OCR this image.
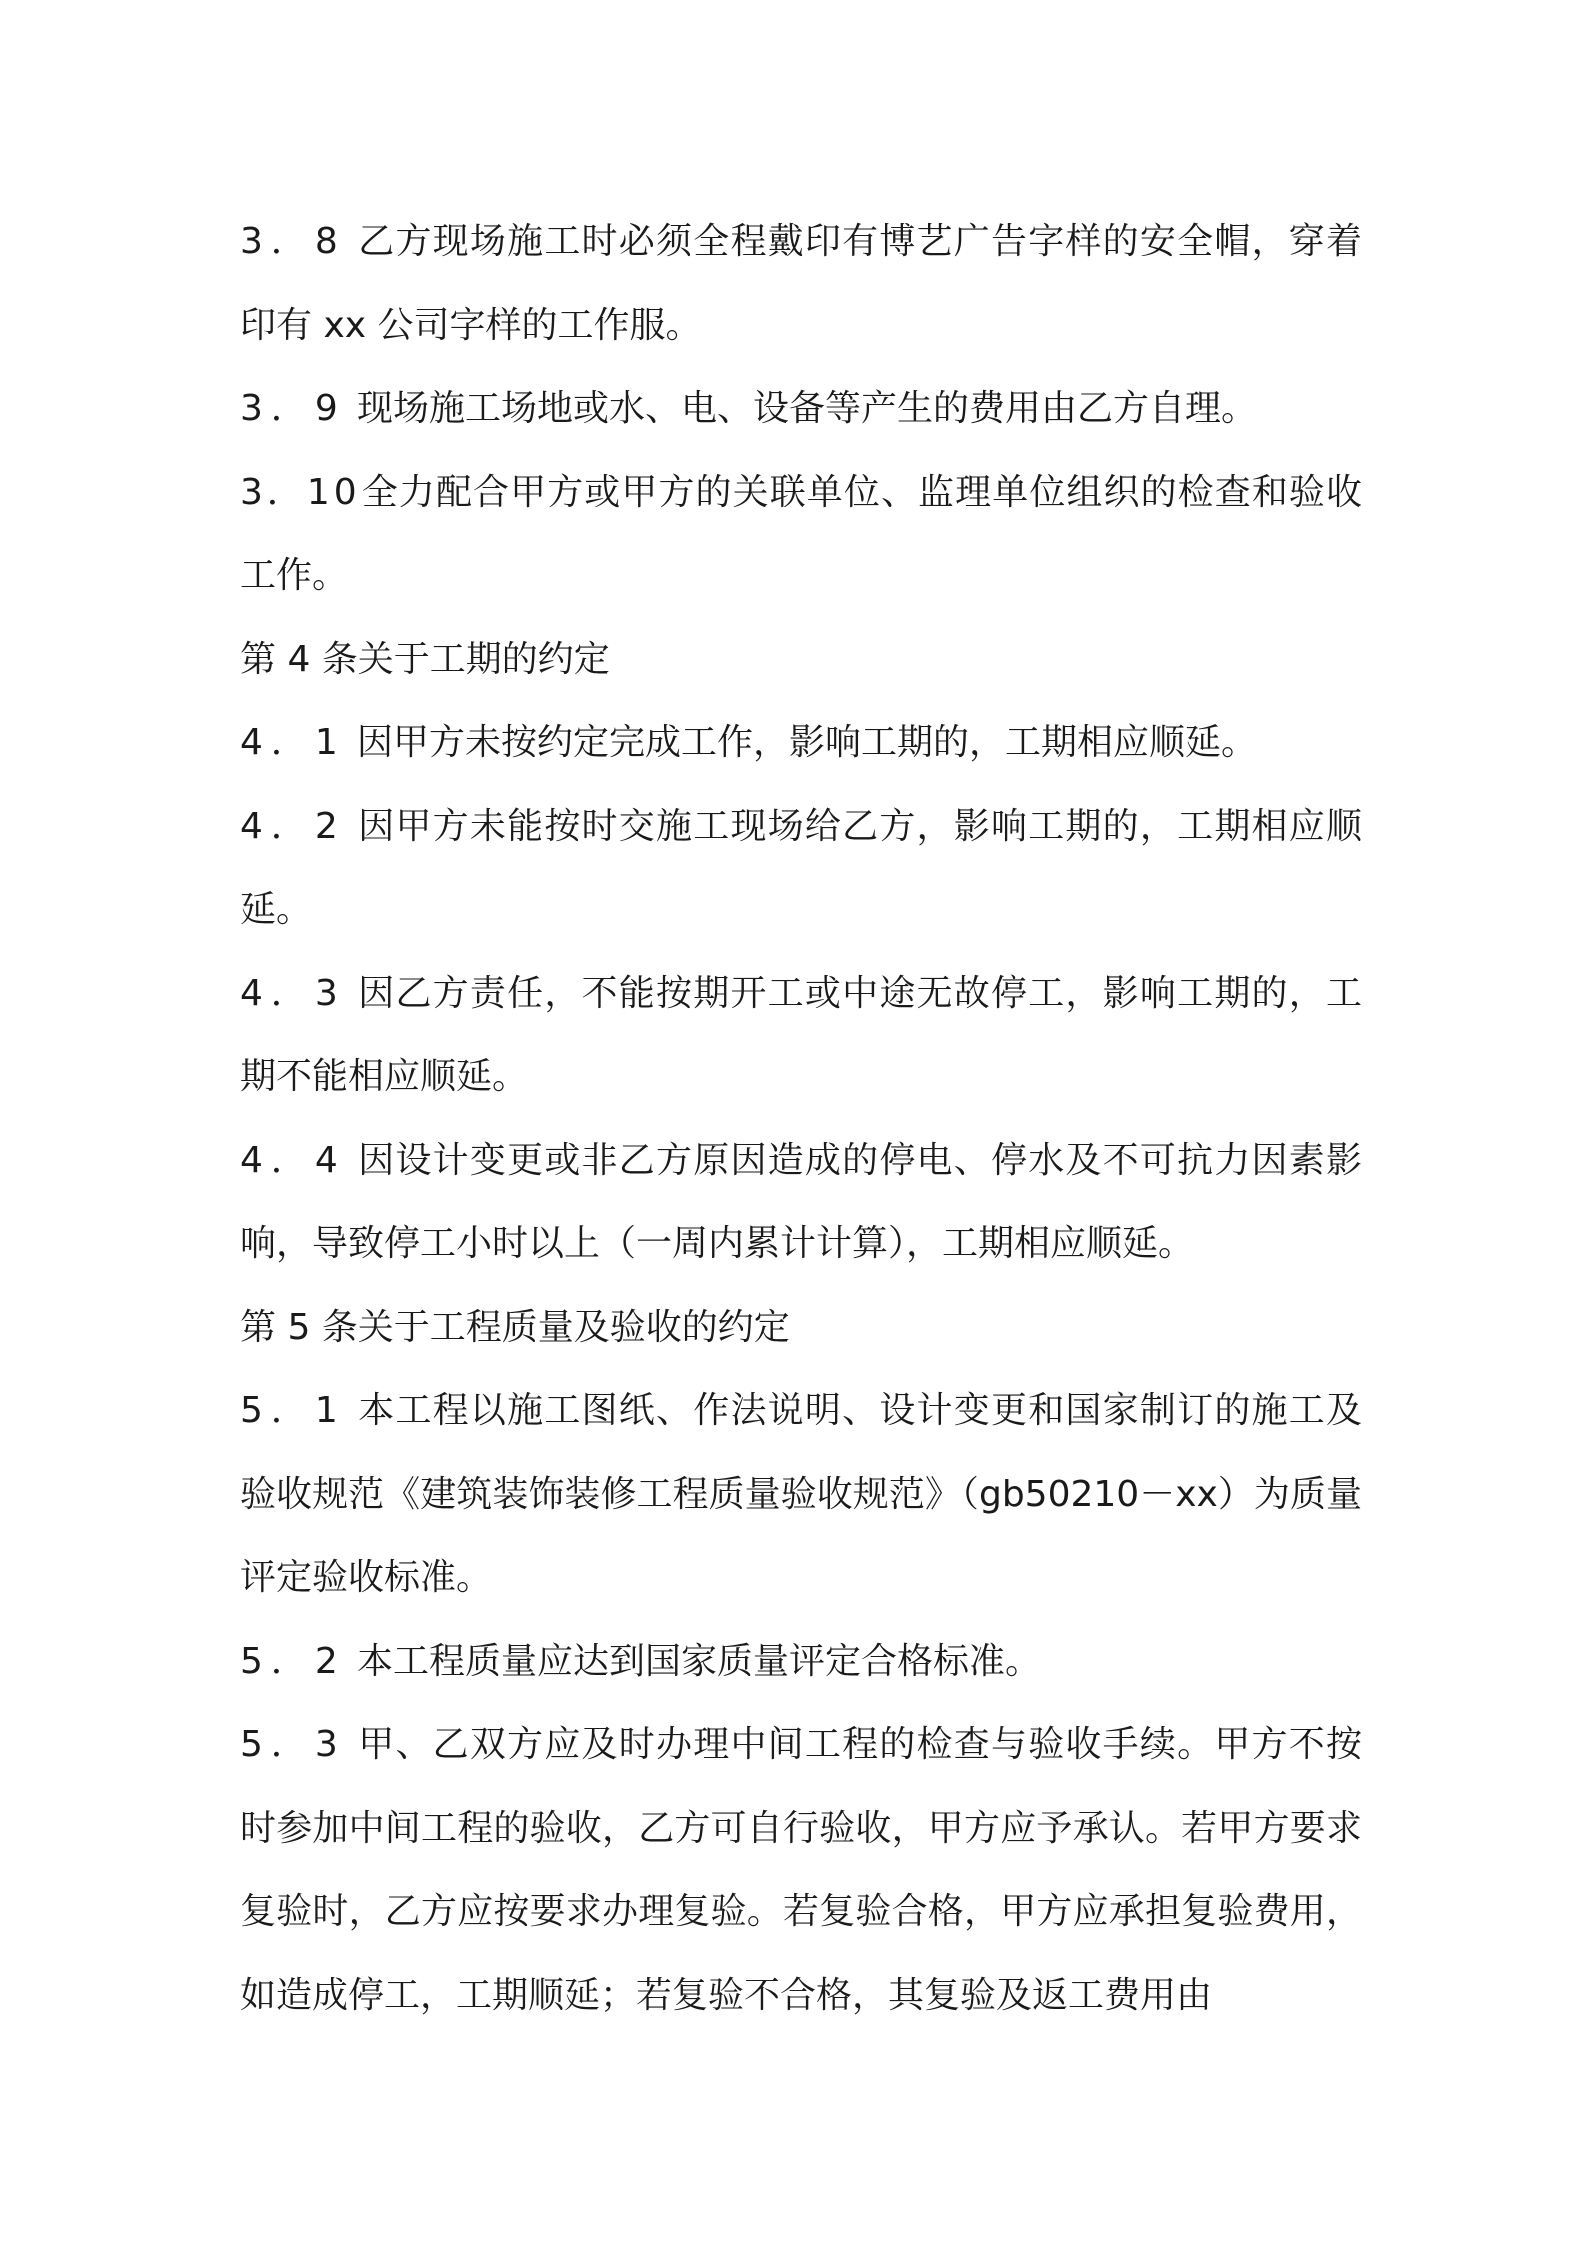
3．8 乙方现场施工时必须全程戴印有博艺广告字样的安全帽，穿着印有 xx 公司字样的工作服。

3．9 现场施工场地或水、电、设备等产生的费用由乙方自理。

3．10全力配合甲方或甲方的关联单位、监理单位组织的检查和验收工作。

第 4 条关于工期的约定

4．1 因甲方未按约定完成工作，影响工期的，工期相应顺延。

4．2 因甲方未能按时交施工现场给乙方，影响工期的，工期相应顺延。

4．3 因乙方责任，不能按期开工或中途无故停工，影响工期的，工期不能相应顺延。

4．4 因设计变更或非乙方原因造成的停电、停水及不可抗力因素影响，导致停工小时以上（一周内累计计算），工期相应顺延。

第 5 条关于工程质量及验收的约定

5．1 本工程以施工图纸、作法说明、设计变更和国家制订的施工及验收规范《建筑装饰装修工程质量验收规范》（gb50210－xx）为质量评定验收标准。

5．2 本工程质量应达到国家质量评定合格标准。

5．3 甲、乙双方应及时办理中间工程的检查与验收手续。甲方不按时参加中间工程的验收，乙方可自行验收，甲方应予承认。若甲方要求复验时，乙方应按要求办理复验。若复验合格，甲方应承担复验费用，如造成停工，工期顺延；若复验不合格，其复验及返工费用由
